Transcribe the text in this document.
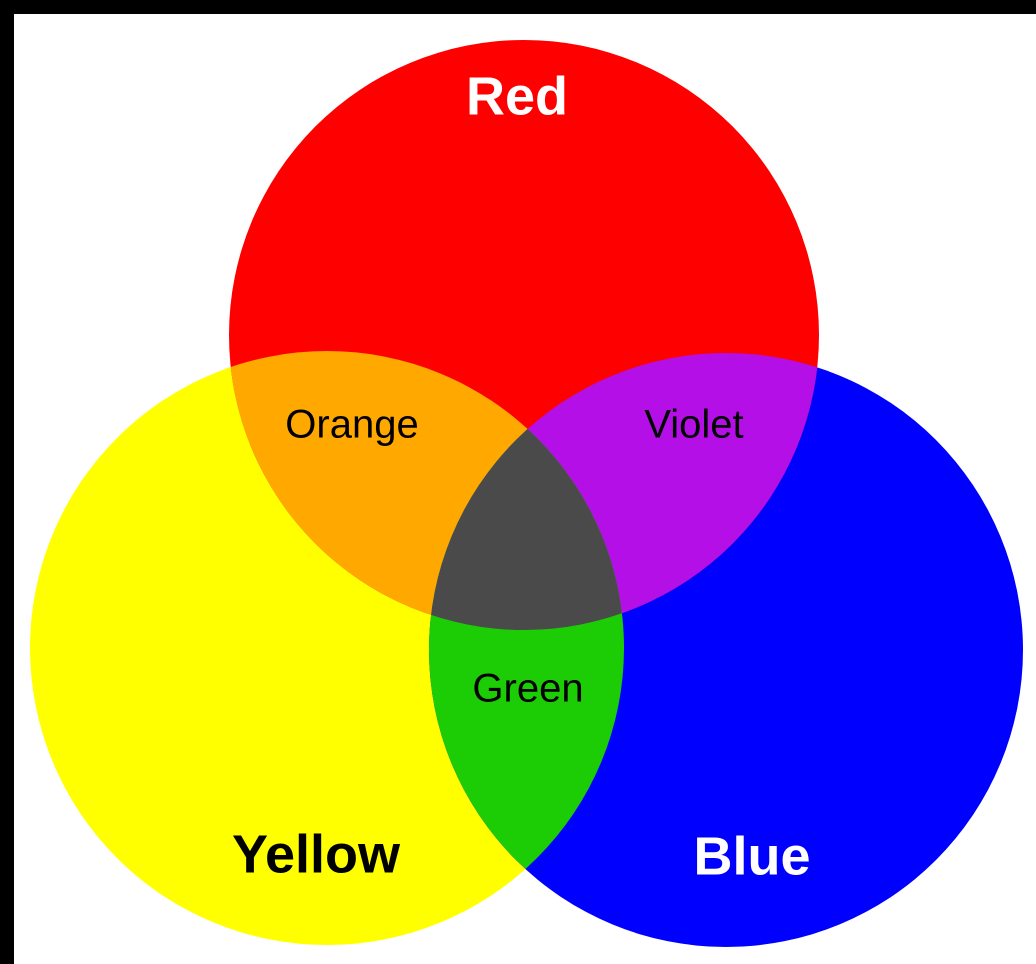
Red
Yellow	Blue
Orange	Violet
Green
